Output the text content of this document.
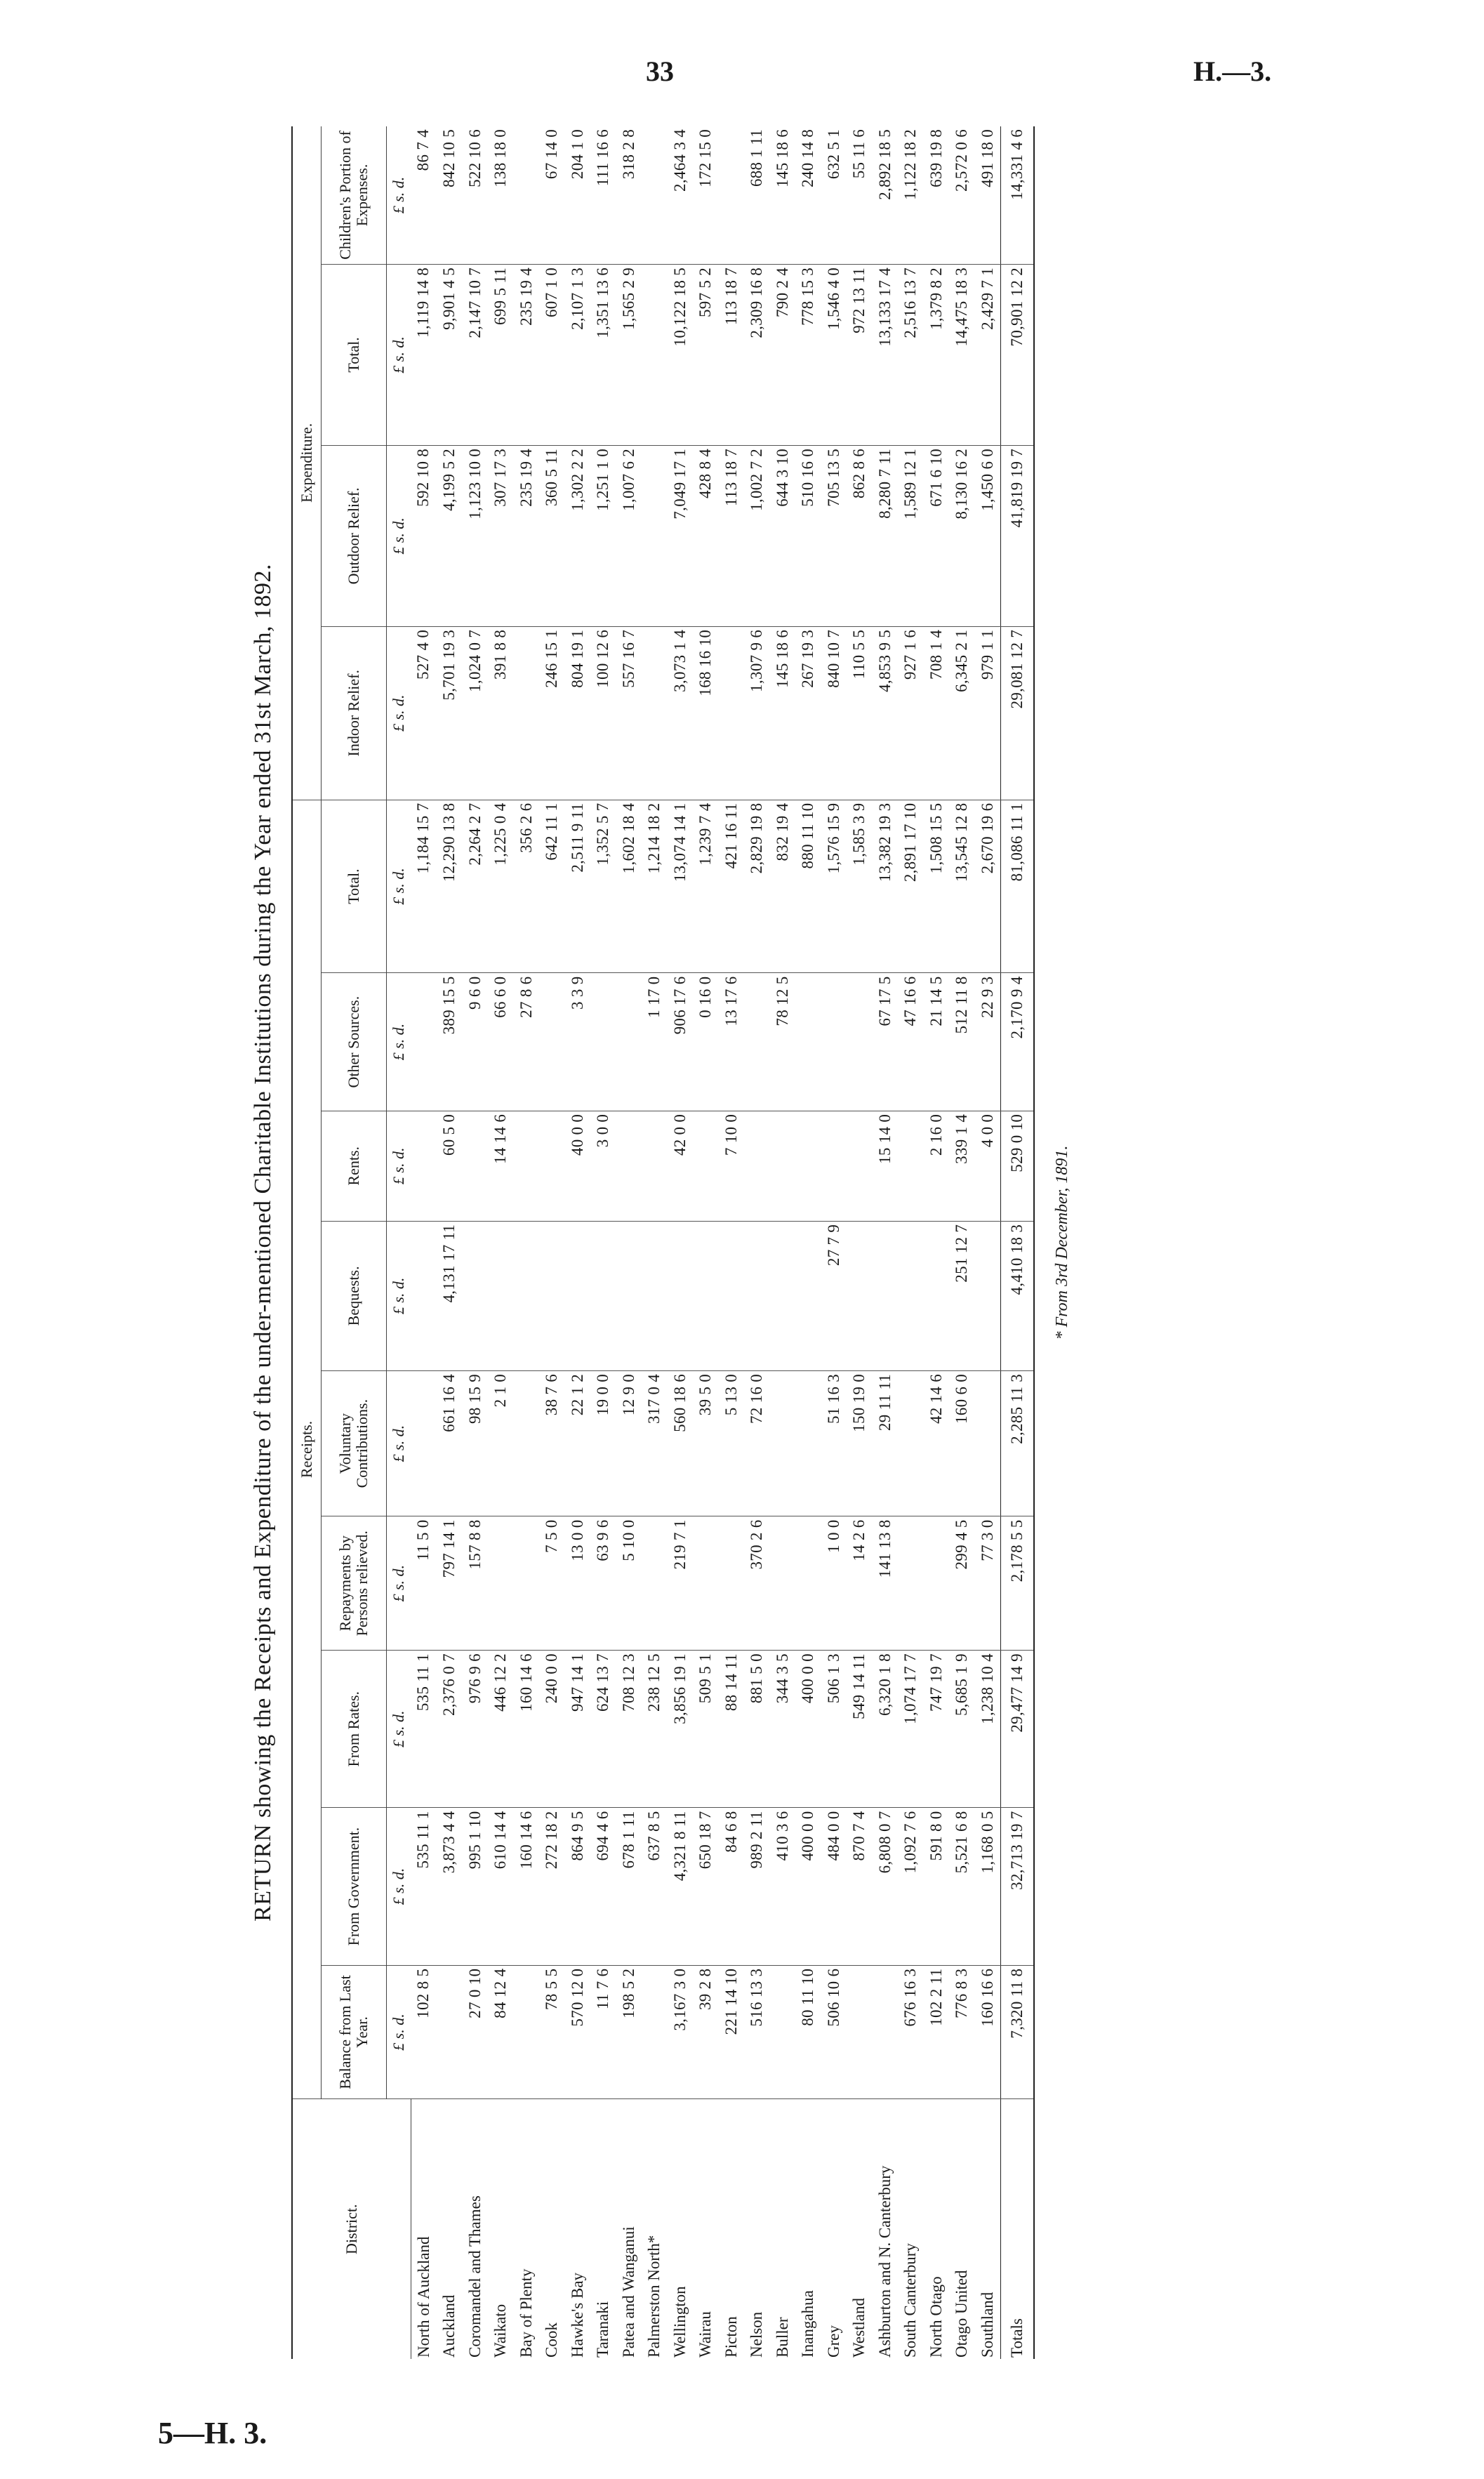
33	H.—3.
5—H. 3.
RETURN showing the Receipts and Expenditure of the under-mentioned Charitable Institutions during the Year ended 31st March, 1892.
District.	Receipts.									Expenditure.			
	Balance from Last Year.	From Government.	From Rates.	Repayments by Persons relieved.	Voluntary Contributions.	Bequests.	Rents.	Other Sources.	Total.	Indoor Relief.	Outdoor Relief.	Total.	Children's Portion of Expenses.
	£ s. d.	£ s. d.	£ s. d.	£ s. d.	£ s. d.	£ s. d.	£ s. d.	£ s. d.	£ s. d.	£ s. d.	£ s. d.	£ s. d.	£ s. d.
North of Auckland	102 8 5	535 11 1	535 11 1	11 5 0					1,184 15 7	527 4 0	592 10 8	1,119 14 8	86 7 4
Auckland		3,873 4 4	2,376 0 7	797 14 1	661 16 4	4,131 17 11	60 5 0	389 15 5	12,290 13 8	5,701 19 3	4,199 5 2	9,901 4 5	842 10 5
Coromandel and Thames	27 0 10	995 1 10	976 9 6	157 8 8	98 15 9			9 6 0	2,264 2 7	1,024 0 7	1,123 10 0	2,147 10 7	522 10 6
Waikato	84 12 4	610 14 4	446 12 2		2 1 0		14 14 6	66 6 0	1,225 0 4	391 8 8	307 17 3	699 5 11	138 18 0
Bay of Plenty		160 14 6	160 14 6					27 8 6	356 2 6		235 19 4	235 19 4	
Cook	78 5 5	272 18 2	240 0 0	7 5 0	38 7 6				642 11 1	246 15 1	360 5 11	607 1 0	67 14 0
Hawke's Bay	570 12 0	864 9 5	947 14 1	13 0 0	22 1 2		40 0 0	3 3 9	2,511 9 11	804 19 1	1,302 2 2	2,107 1 3	204 1 0
Taranaki	11 7 6	694 4 6	624 13 7	63 9 6	19 0 0		3 0 0		1,352 5 7	100 12 6	1,251 1 0	1,351 13 6	111 16 6
Patea and Wanganui	198 5 2	678 1 11	708 12 3	5 10 0	12 9 0				1,602 18 4	557 16 7	1,007 6 2	1,565 2 9	318 2 8
Palmerston North*		637 8 5	238 12 5		317 0 4			1 17 0	1,214 18 2				
Wellington	3,167 3 0	4,321 8 11	3,856 19 1	219 7 1	560 18 6		42 0 0	906 17 6	13,074 14 1	3,073 1 4	7,049 17 1	10,122 18 5	2,464 3 4
Wairau	39 2 8	650 18 7	509 5 1		39 5 0			0 16 0	1,239 7 4	168 16 10	428 8 4	597 5 2	172 15 0
Picton	221 14 10	84 6 8	88 14 11		5 13 0		7 10 0	13 17 6	421 16 11		113 18 7	113 18 7	
Nelson	516 13 3	989 2 11	881 5 0	370 2 6	72 16 0				2,829 19 8	1,307 9 6	1,002 7 2	2,309 16 8	688 1 11
Buller		410 3 6	344 3 5					78 12 5	832 19 4	145 18 6	644 3 10	790 2 4	145 18 6
Inangahua	80 11 10	400 0 0	400 0 0						880 11 10	267 19 3	510 16 0	778 15 3	240 14 8
Grey	506 10 6	484 0 0	506 1 3	1 0 0	51 16 3	27 7 9			1,576 15 9	840 10 7	705 13 5	1,546 4 0	632 5 1
Westland		870 7 4	549 14 11	14 2 6	150 19 0				1,585 3 9	110 5 5	862 8 6	972 13 11	55 11 6
Ashburton and N. Canterbury		6,808 0 7	6,320 1 8	141 13 8	29 11 11		15 14 0	67 17 5	13,382 19 3	4,853 9 5	8,280 7 11	13,133 17 4	2,892 18 5
South Canterbury	676 16 3	1,092 7 6	1,074 17 7					47 16 6	2,891 17 10	927 1 6	1,589 12 1	2,516 13 7	1,122 18 2
North Otago	102 2 11	591 8 0	747 19 7		42 14 6		2 16 0	21 14 5	1,508 15 5	708 1 4	671 6 10	1,379 8 2	639 19 8
Otago United	776 8 3	5,521 6 8	5,685 1 9	299 4 5	160 6 0	251 12 7	339 1 4	512 11 8	13,545 12 8	6,345 2 1	8,130 16 2	14,475 18 3	2,572 0 6
Southland	160 16 6	1,168 0 5	1,238 10 4	77 3 0			4 0 0	22 9 3	2,670 19 6	979 1 1	1,450 6 0	2,429 7 1	491 18 0
Totals	7,320 11 8	32,713 19 7	29,477 14 9	2,178 5 5	2,285 11 3	4,410 18 3	529 0 10	2,170 9 4	81,086 11 1	29,081 12 7	41,819 19 7	70,901 12 2	14,331 4 6
* From 3rd December, 1891.
